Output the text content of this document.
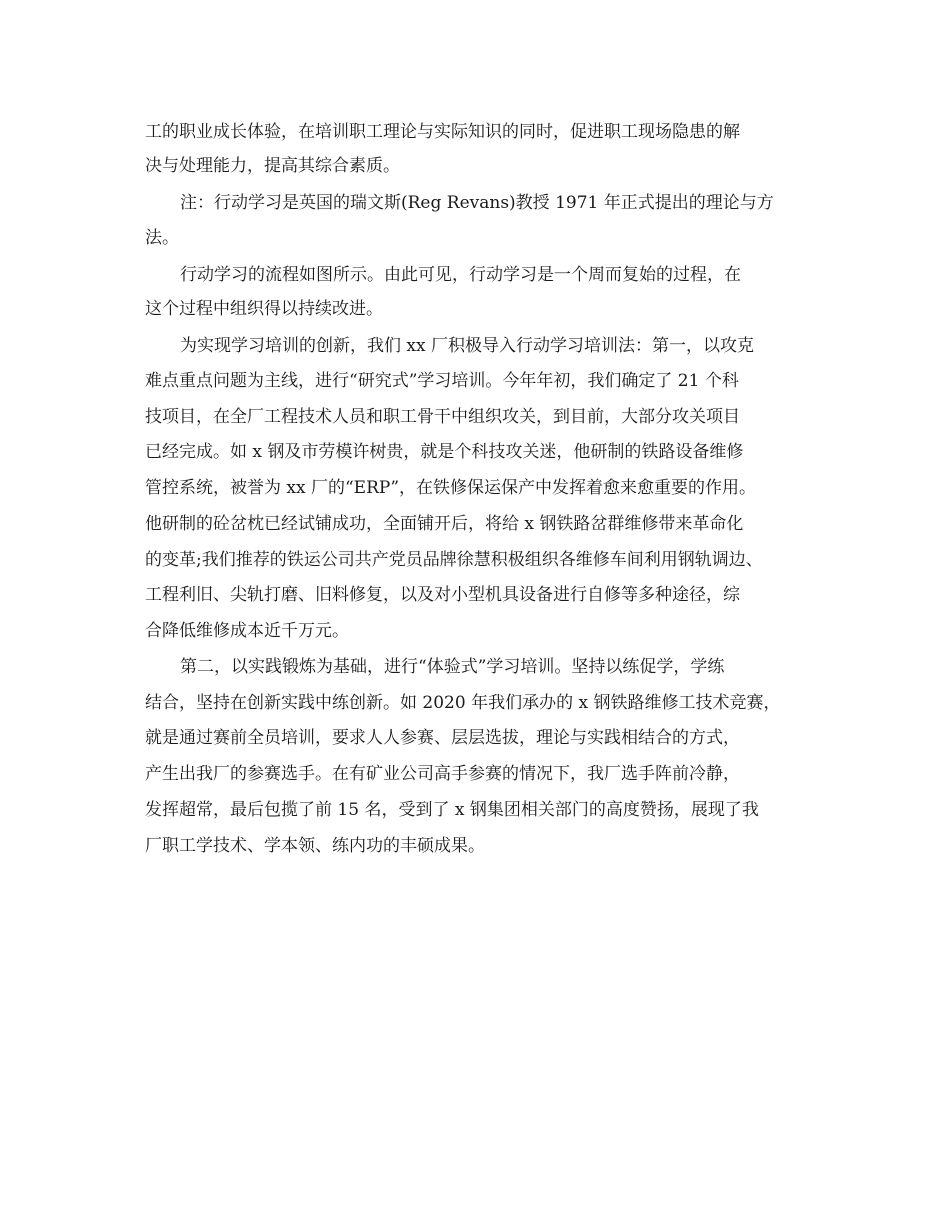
工的职业成长体验，在培训职工理论与实际知识的同时，促进职工现场隐患的解

决与处理能力，提高其综合素质。

注：行动学习是英国的瑞文斯(Reg Revans)教授 1971 年正式提出的理论与方

法。

行动学习的流程如图所示。由此可见，行动学习是一个周而复始的过程，在

这个过程中组织得以持续改进。

为实现学习培训的创新，我们 xx 厂积极导入行动学习培训法：第一，以攻克

难点重点问题为主线，进行“研究式”学习培训。今年年初，我们确定了 21 个科

技项目，在全厂工程技术人员和职工骨干中组织攻关，到目前，大部分攻关项目

已经完成。如 x 钢及市劳模许树贵，就是个科技攻关迷，他研制的铁路设备维修

管控系统，被誉为 xx 厂的“ERP”，在铁修保运保产中发挥着愈来愈重要的作用。

他研制的砼岔枕已经试铺成功，全面铺开后，将给 x 钢铁路岔群维修带来革命化

的变革;我们推荐的铁运公司共产党员品牌徐慧积极组织各维修车间利用钢轨调边、

工程利旧、尖轨打磨、旧料修复，以及对小型机具设备进行自修等多种途径，综

合降低维修成本近千万元。

第二，以实践锻炼为基础，进行“体验式”学习培训。坚持以练促学，学练

结合，坚持在创新实践中练创新。如 2020 年我们承办的 x 钢铁路维修工技术竞赛，

就是通过赛前全员培训，要求人人参赛、层层选拔，理论与实践相结合的方式，

产生出我厂的参赛选手。在有矿业公司高手参赛的情况下，我厂选手阵前冷静，

发挥超常，最后包揽了前 15 名，受到了 x 钢集团相关部门的高度赞扬，展现了我

厂职工学技术、学本领、练内功的丰硕成果。
